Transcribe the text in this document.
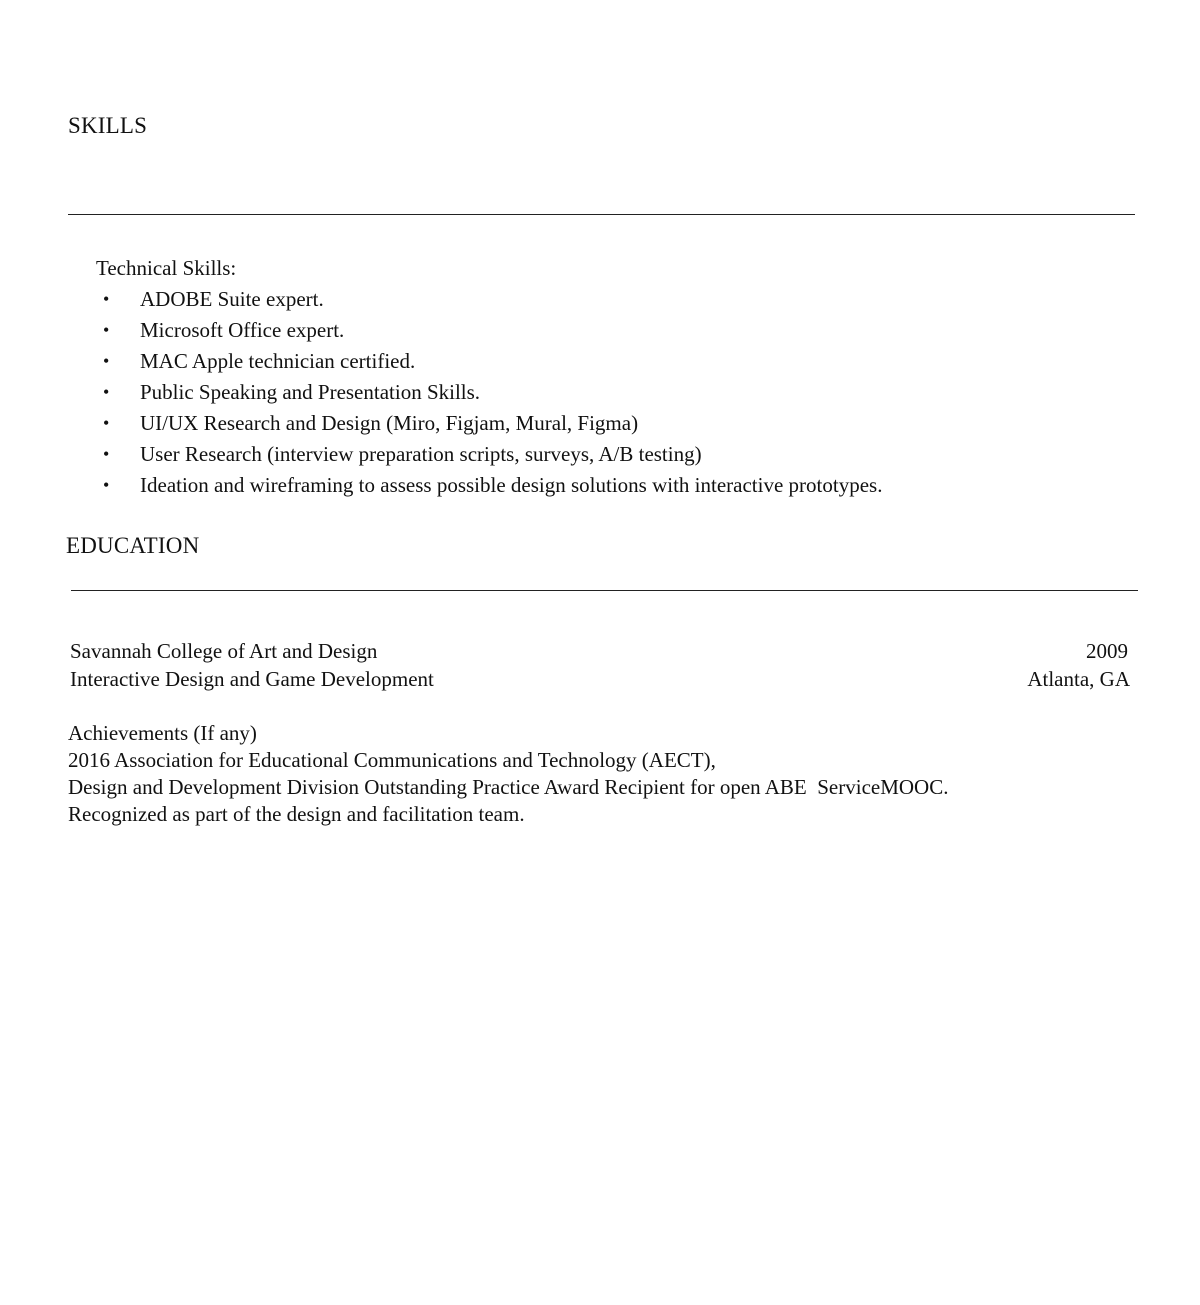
SKILLS
Technical Skills:
• ADOBE Suite expert.
• Microsoft Office expert.
• MAC Apple technician certified.
• Public Speaking and Presentation Skills.
• UI/UX Research and Design (Miro, Figjam, Mural, Figma)
• User Research (interview preparation scripts, surveys, A/B testing)
• Ideation and wireframing to assess possible design solutions with interactive prototypes.
EDUCATION
Savannah College of Art and Design
Interactive Design and Game Development
2009
Atlanta, GA
Achievements (If any)
2016 Association for Educational Communications and Technology (AECT),
Design and Development Division Outstanding Practice Award Recipient for open ABE  ServiceMOOC.
Recognized as part of the design and facilitation team.
